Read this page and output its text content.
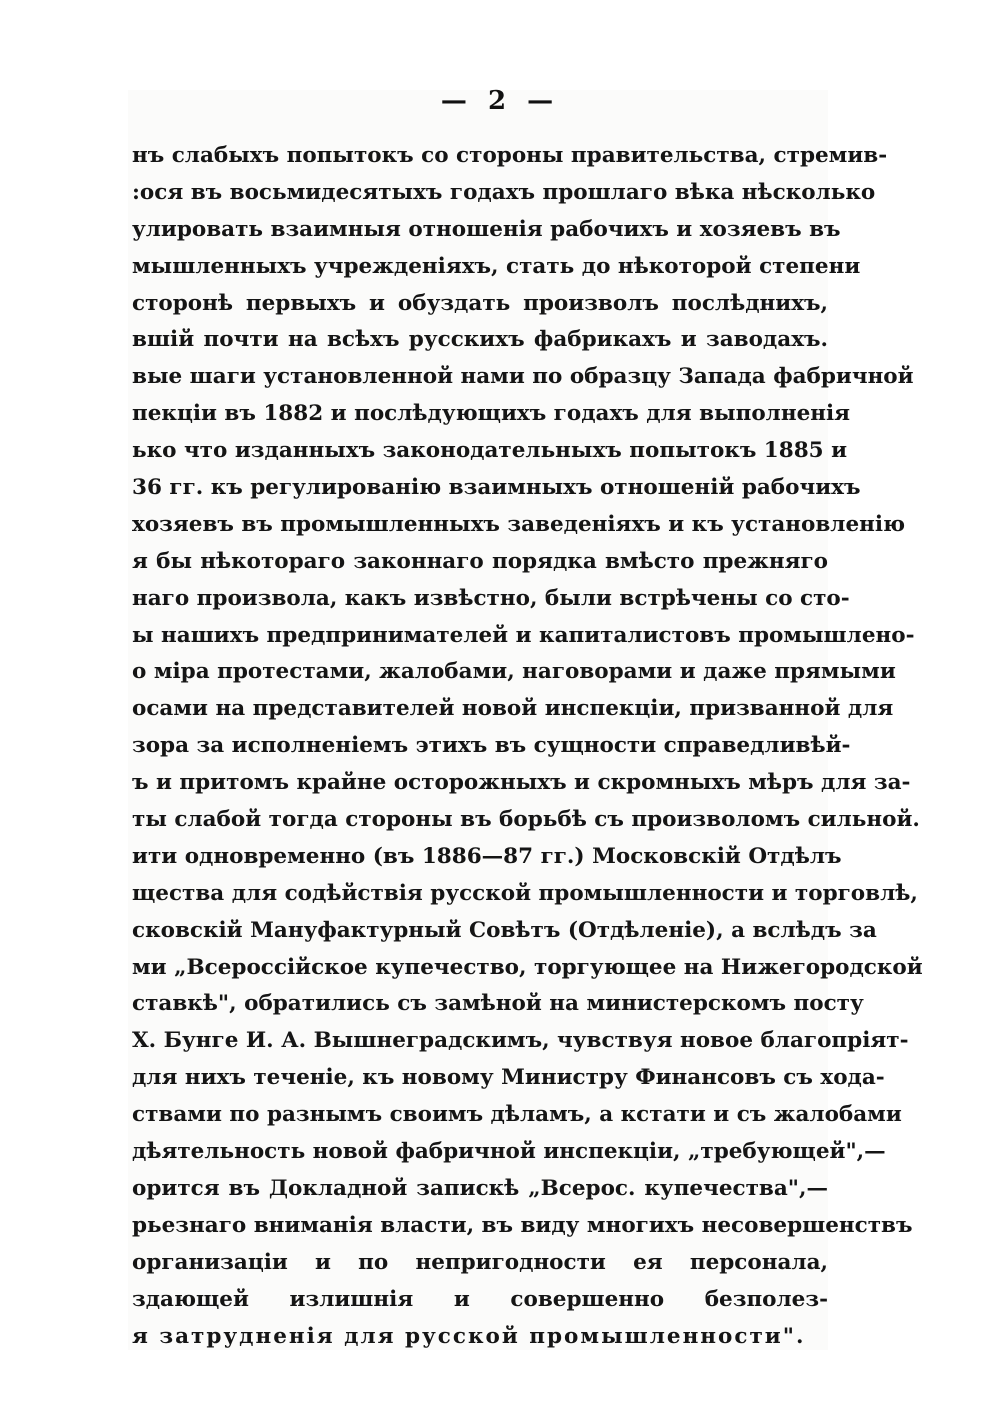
— 2 —
нъ слабыхъ попытокъ со стороны правительства, стремив-
:ося въ восьмидесятыхъ годахъ прошлаго вѣка нѣсколько
улировать взаимныя отношенія рабочихъ и хозяевъ въ
мышленныхъ учрежденіяхъ, стать до нѣкоторой степени
сторонѣ первыхъ и обуздать произволъ послѣднихъ,
вшій почти на всѣхъ русскихъ фабрикахъ и заводахъ.
вые шаги установленной нами по образцу Запада фабричной
пекціи въ 1882 и послѣдующихъ годахъ для выполненія
ько что изданныхъ законодательныхъ попытокъ 1885 и
36 гг. къ регулированію взаимныхъ отношеній рабочихъ
хозяевъ въ промышленныхъ заведеніяхъ и къ установленію
я бы нѣкотораго законнаго порядка вмѣсто прежняго
наго произвола, какъ извѣстно, были встрѣчены со сто-
ы нашихъ предпринимателей и капиталистовъ промышлено-
о міра протестами, жалобами, наговорами и даже прямыми
осами на представителей новой инспекціи, призванной для
зора за исполненіемъ этихъ въ сущности справедливѣй-
ъ и притомъ крайне осторожныхъ и скромныхъ мѣръ для за-
ты слабой тогда стороны въ борьбѣ съ произволомъ сильной.
ити одновременно (въ 1886—87 гг.) Московскій Отдѣлъ
щества для содѣйствія русской промышленности и торговлѣ,
сковскій Мануфактурный Совѣтъ (Отдѣленіе), а вслѣдъ за
ми „Всероссійское купечество, торгующее на Нижегородской
ставкѣ", обратились съ замѣной на министерскомъ посту
Х. Бунге И. А. Вышнеградскимъ, чувствуя новое благопріят-
для нихъ теченіе, къ новому Министру Финансовъ съ хода-
ствами по разнымъ своимъ дѣламъ, а кстати и съ жалобами
дѣятельность новой фабричной инспекціи, „требующей",—
орится въ Докладной запискѣ „Всерос. купечества",—
рьезнаго вниманія власти, въ виду многихъ несовершенствъ
организаціи и по непригодности ея персонала,
здающей излишнія и совершенно безполез-
я затрудненія для русской промышленности".
